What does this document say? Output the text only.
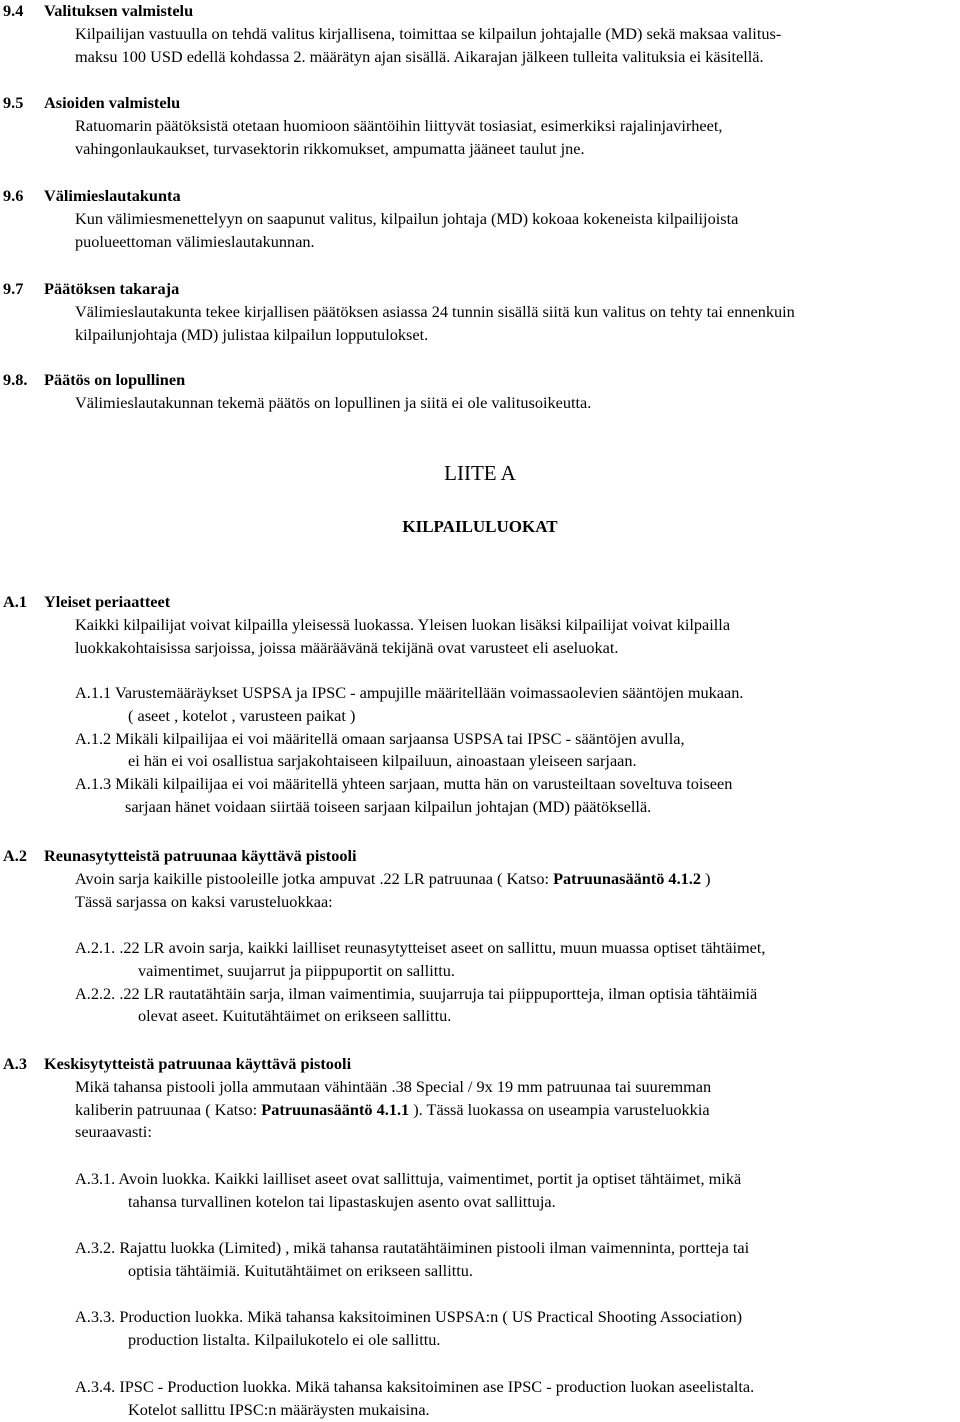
9.4 Valituksen valmistelu

Kilpailijan vastuulla on tehdä valitus kirjallisena, toimittaa se kilpailun johtajalle (MD) sekä maksaa valitus-
maksu 100 USD edellä kohdassa 2. määrätyn ajan sisällä. Aikarajan jälkeen tulleita valituksia ei käsitellä.

9.5 Asioiden valmistelu

Ratuomarin päätöksistä otetaan huomioon sääntöihin liittyvät tosiasiat, esimerkiksi rajalinjavirheet,
vahingonlaukaukset, turvasektorin rikkomukset, ampumatta jääneet taulut jne.

9.6 Välimieslautakunta

Kun välimiesmenettelyyn on saapunut valitus, kilpailun johtaja (MD) kokoaa kokeneista kilpailijoista
puolueettoman välimieslautakunnan.

9.7 Päätöksen takaraja

Välimieslautakunta tekee kirjallisen päätöksen asiassa 24 tunnin sisällä siitä kun valitus on tehty tai ennenkuin
kilpailunjohtaja (MD) julistaa kilpailun lopputulokset.

9.8. Päätös on lopullinen

Välimieslautakunnan tekemä päätös on lopullinen ja siitä ei ole valitusoikeutta.

LIITE A
KILPAILULUOKAT

A.1 Yleiset periaatteet

Kaikki kilpailijat voivat kilpailla yleisessä luokassa. Yleisen luokan lisäksi kilpailijat voivat kilpailla
luokkakohtaisissa sarjoissa, joissa määräävänä tekijänä ovat varusteet eli aseluokat.

A.1.1 Varustemääräykset USPSA ja IPSC - ampujille määritellään voimassaolevien sääntöjen mukaan.
( aseet , kotelot , varusteen paikat )
A.1.2 Mikäli kilpailijaa ei voi määritellä omaan sarjaansa USPSA tai IPSC - sääntöjen avulla,
ei hän ei voi osallistua sarjakohtaiseen kilpailuun, ainoastaan yleiseen sarjaan.
A.1.3 Mikäli kilpailijaa ei voi määritellä yhteen sarjaan, mutta hän on varusteiltaan soveltuva toiseen
sarjaan hänet voidaan siirtää toiseen sarjaan kilpailun johtajan (MD) päätöksellä.

A.2 Reunasytytteistä patruunaa käyttävä pistooli

Avoin sarja kaikille pistooleille jotka ampuvat .22 LR patruunaa ( Katso: Patruunasääntö 4.1.2 )
Tässä sarjassa on kaksi varusteluokkaa:

A.2.1. .22 LR avoin sarja, kaikki lailliset reunasytytteiset aseet on sallittu, muun muassa optiset tähtäimet,
vaimentimet, suujarrut ja piippuportit on sallittu.
A.2.2. .22 LR rautatähtäin sarja, ilman vaimentimia, suujarruja tai piippuportteja, ilman optisia tähtäimiä
olevat aseet. Kuitutähtäimet on erikseen sallittu.

A.3 Keskisytytteistä patruunaa käyttävä pistooli

Mikä tahansa pistooli jolla ammutaan vähintään .38 Special / 9x 19 mm patruunaa tai suuremman
kaliberin patruunaa ( Katso: Patruunasääntö 4.1.1 ). Tässä luokassa on useampia varusteluokkia
seuraavasti:

A.3.1. Avoin luokka. Kaikki lailliset aseet ovat sallittuja, vaimentimet, portit ja optiset tähtäimet, mikä
tahansa turvallinen kotelon tai lipastaskujen asento ovat sallittuja.
A.3.2. Rajattu luokka (Limited) , mikä tahansa rautatähtäiminen pistooli ilman vaimenninta, portteja tai
optisia tähtäimiä. Kuitutähtäimet on erikseen sallittu.
A.3.3. Production luokka. Mikä tahansa kaksitoiminen USPSA:n ( US Practical Shooting Association)
production listalta. Kilpailukotelo ei ole sallittu.
A.3.4. IPSC - Production luokka. Mikä tahansa kaksitoiminen ase IPSC - production luokan aseelistalta.
Kotelot sallittu IPSC:n määräysten mukaisina.
